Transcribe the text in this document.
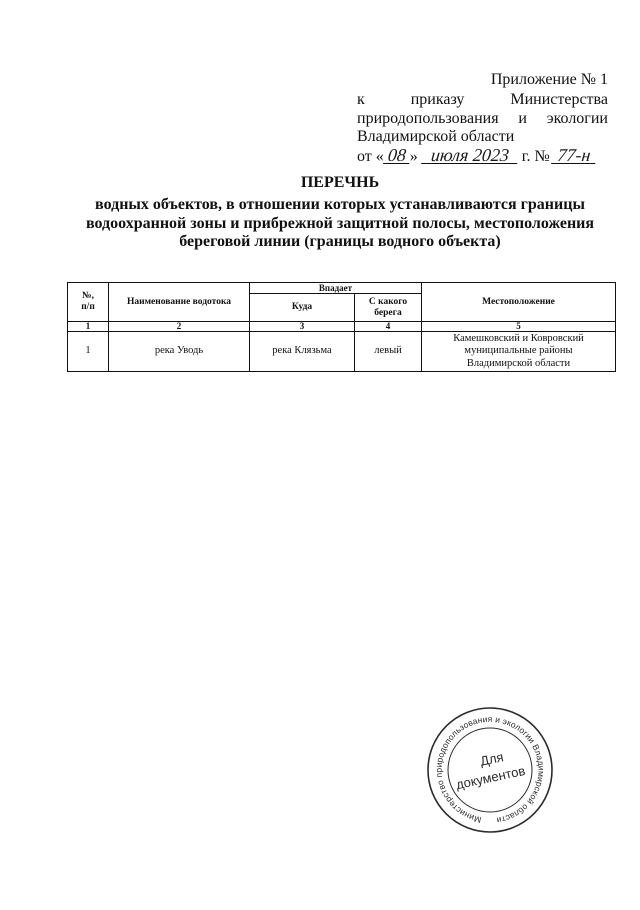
Приложение № 1
к приказу Министерства
природопользования и экологии
Владимирской области
от « 08 » июля 2023 г. № 77-н
ПЕРЕЧНЬ
водных объектов, в отношении которых устанавливаются границы
водоохранной зоны и прибрежной защитной полосы, местоположения
береговой линии (границы водного объекта)
№,
п/п	Наименование водотока	Впадает		Местоположение
		Куда	С какого
берега	

1	2	3	4	5
1	река Уводь	река Клязьма	левый	Камешковский и Ковровский
муниципальные районы
Владимирской области
Министерство природопользования и экологии Владимирской области
Для
документов
